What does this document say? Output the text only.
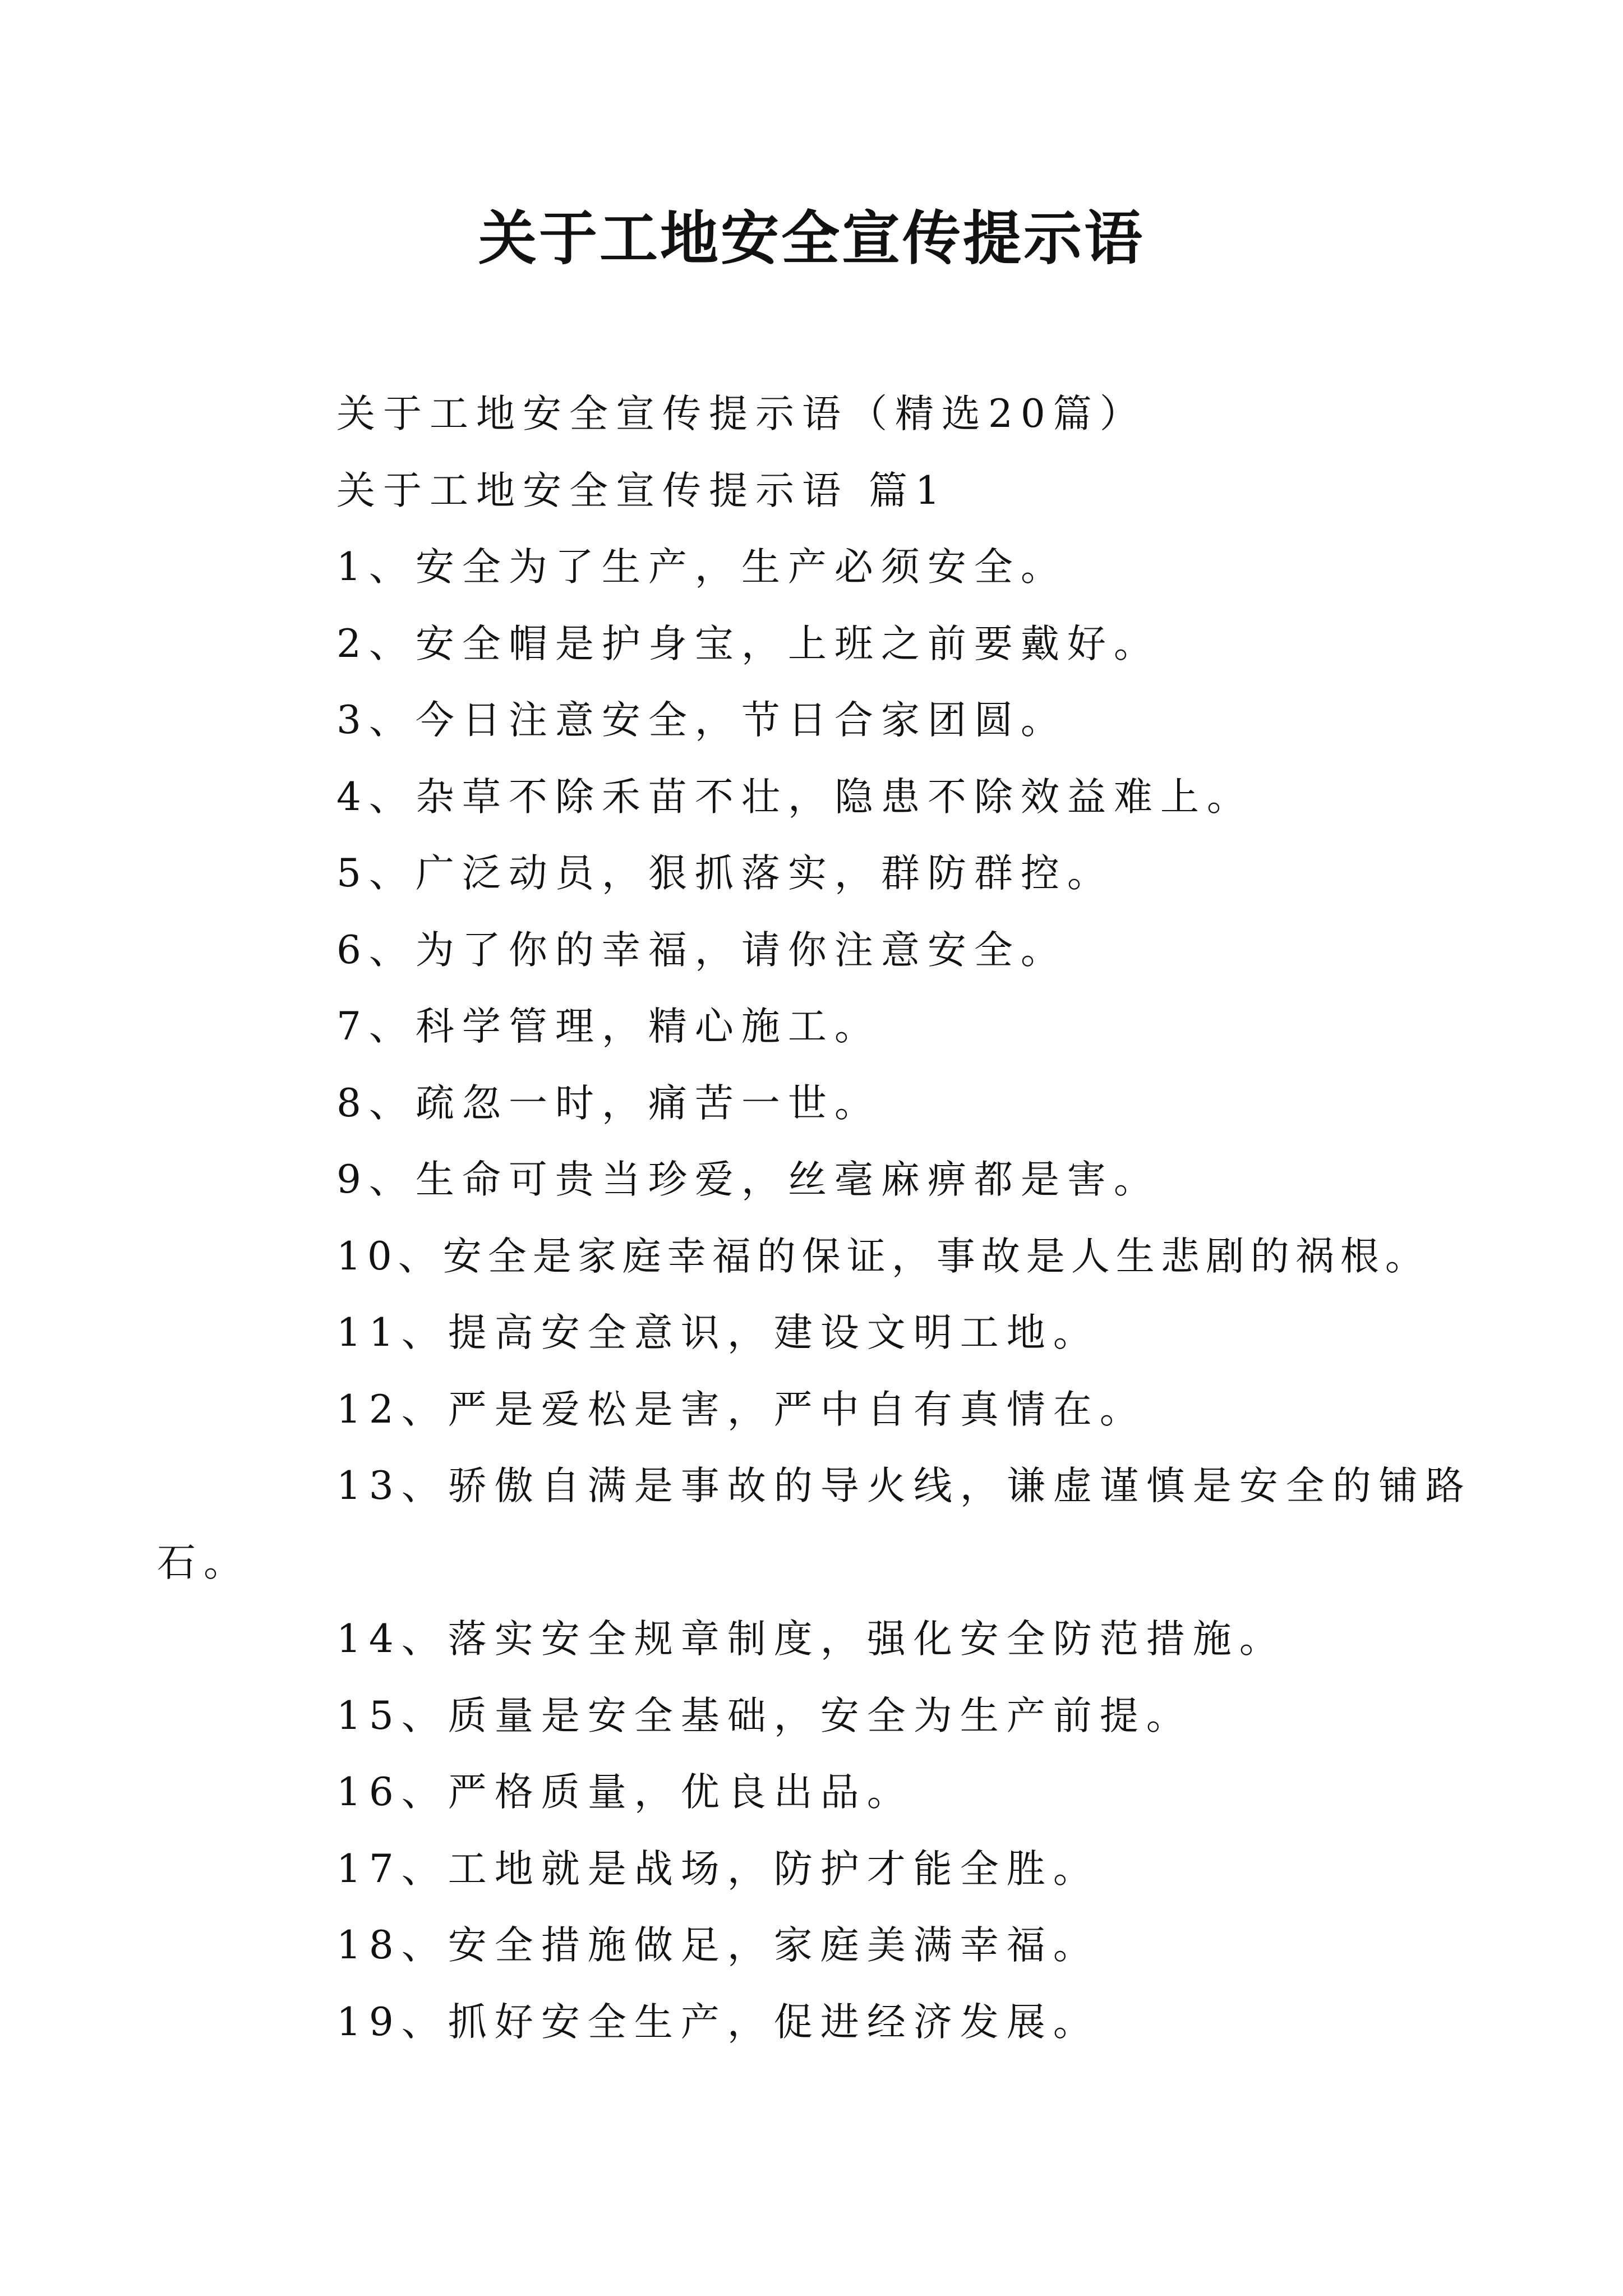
关于工地安全宣传提示语
关于工地安全宣传提示语（精选20篇）
关于工地安全宣传提示语 篇1
1、安全为了生产，生产必须安全。
2、安全帽是护身宝，上班之前要戴好。
3、今日注意安全，节日合家团圆。
4、杂草不除禾苗不壮，隐患不除效益难上。
5、广泛动员，狠抓落实，群防群控。
6、为了你的幸福，请你注意安全。
7、科学管理，精心施工。
8、疏忽一时，痛苦一世。
9、生命可贵当珍爱，丝毫麻痹都是害。
10、安全是家庭幸福的保证，事故是人生悲剧的祸根。
11、提高安全意识，建设文明工地。
12、严是爱松是害，严中自有真情在。
13、骄傲自满是事故的导火线，谦虚谨慎是安全的铺路
石。
14、落实安全规章制度，强化安全防范措施。
15、质量是安全基础，安全为生产前提。
16、严格质量，优良出品。
17、工地就是战场，防护才能全胜。
18、安全措施做足，家庭美满幸福。
19、抓好安全生产，促进经济发展。
